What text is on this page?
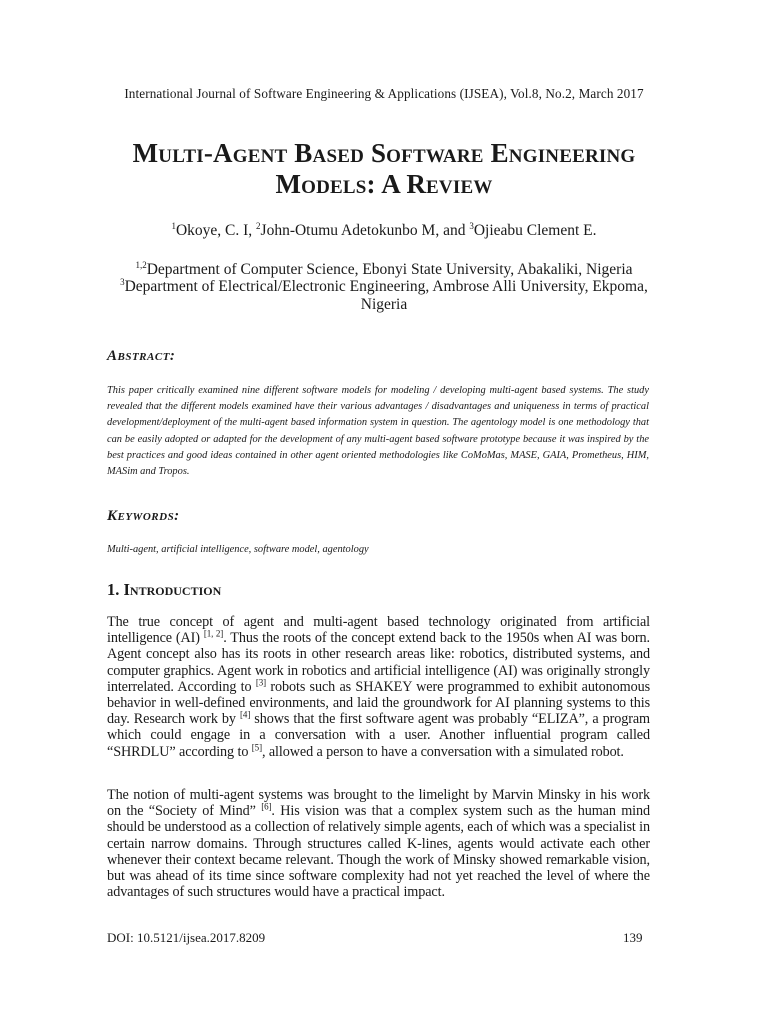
International Journal of Software Engineering & Applications (IJSEA), Vol.8, No.2, March 2017
Multi-Agent Based Software Engineering
Models: A Review
$^1$Okoye, C. I, $^2$John-Otumu Adetokunbo M, and $^3$Ojieabu Clement E.
$^{1,2}$Department of Computer Science, Ebonyi State University, Abakaliki, Nigeria
$^3$Department of Electrical/Electronic Engineering, Ambrose Alli University, Ekpoma,
Nigeria
Abstract:
This paper critically examined nine different software models for modeling / developing multi-agent based systems. The study revealed that the different models examined have their various advantages / disadvantages and uniqueness in terms of practical development/deployment of the multi-agent based information system in question. The agentology model is one methodology that can be easily adopted or adapted for the development of any multi-agent based software prototype because it was inspired by the best practices and good ideas contained in other agent oriented methodologies like CoMoMas, MASE, GAIA, Prometheus, HIM, MASim and Tropos.
Keywords:
Multi-agent, artificial intelligence, software model, agentology
1. Introduction
The true concept of agent and multi-agent based technology originated from artificial intelligence (AI) [1, 2]. Thus the roots of the concept extend back to the 1950s when AI was born. Agent concept also has its roots in other research areas like: robotics, distributed systems, and computer graphics. Agent work in robotics and artificial intelligence (AI) was originally strongly interrelated. According to [3] robots such as SHAKEY were programmed to exhibit autonomous behavior in well-defined environments, and laid the groundwork for AI planning systems to this day. Research work by [4] shows that the first software agent was probably “ELIZA”, a program which could engage in a conversation with a user. Another influential program called “SHRDLU” according to [5], allowed a person to have a conversation with a simulated robot.
The notion of multi-agent systems was brought to the limelight by Marvin Minsky in his work on the “Society of Mind” [6]. His vision was that a complex system such as the human mind should be understood as a collection of relatively simple agents, each of which was a specialist in certain narrow domains. Through structures called K-lines, agents would activate each other whenever their context became relevant. Though the work of Minsky showed remarkable vision, but was ahead of its time since software complexity had not yet reached the level of where the advantages of such structures would have a practical impact.
DOI: 10.5121/ijsea.2017.8209	139
